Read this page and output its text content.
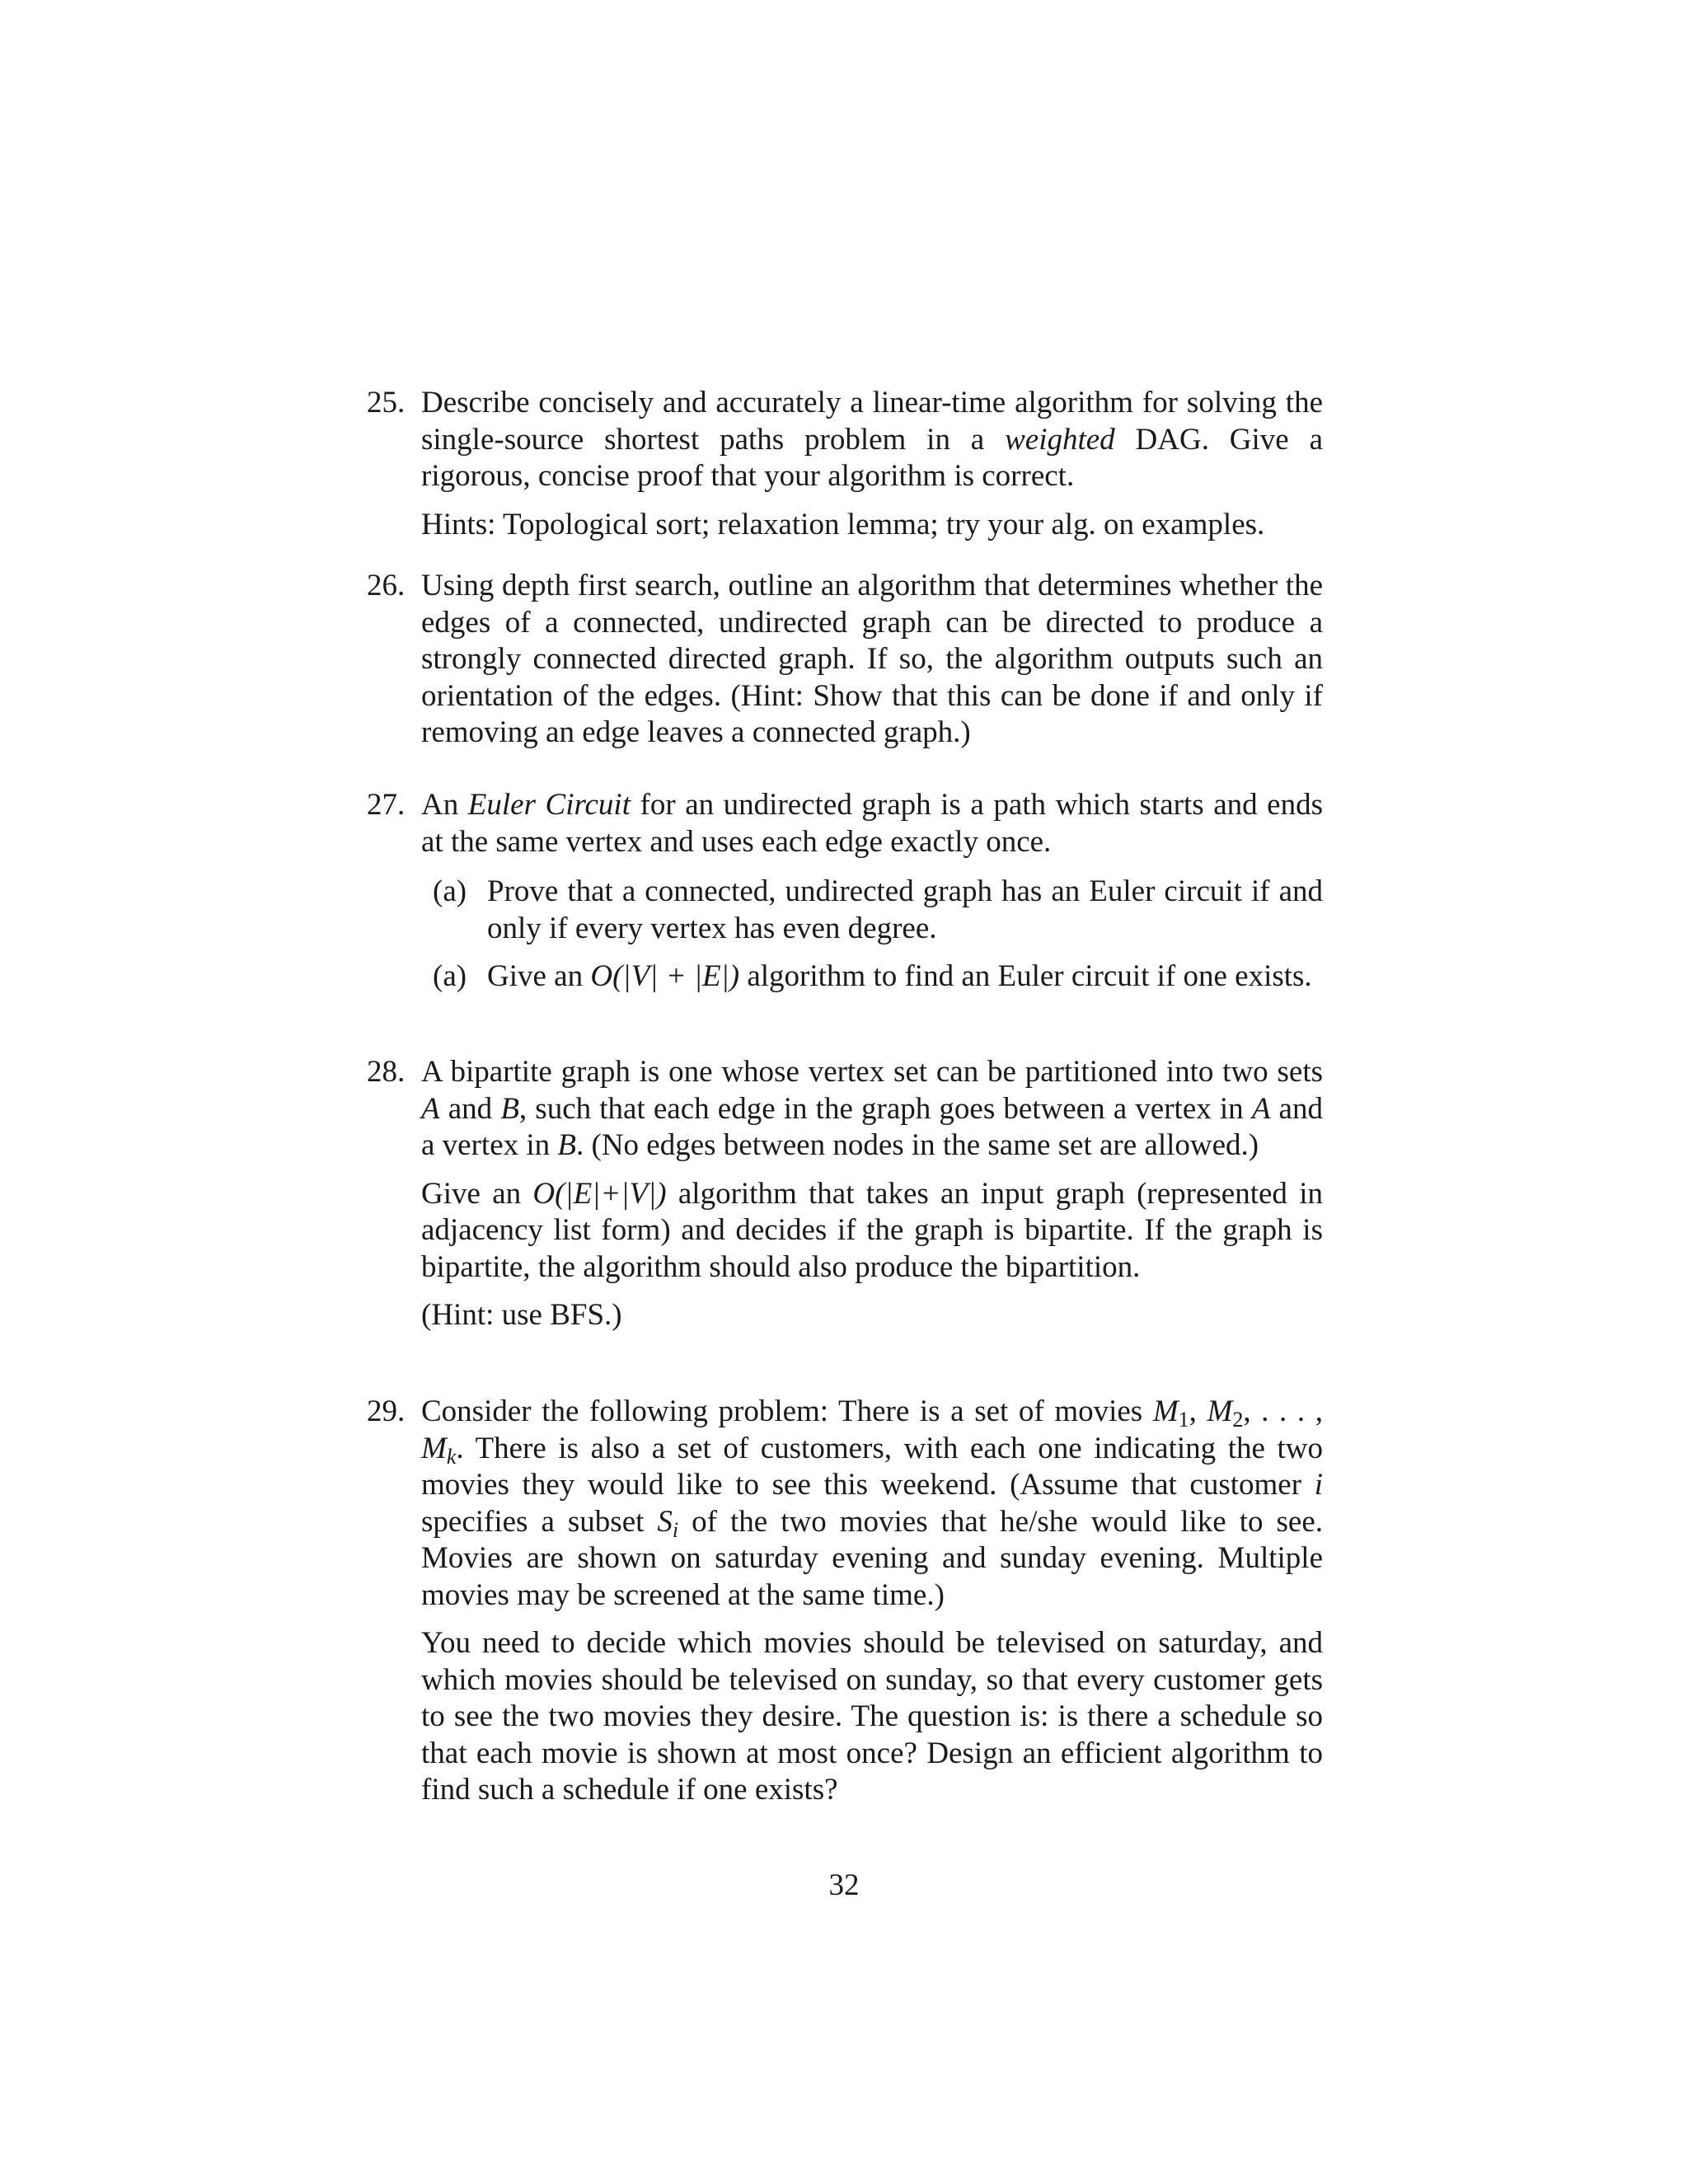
25. Describe concisely and accurately a linear-time algorithm for solving the single-source shortest paths problem in a weighted DAG. Give a rigorous, concise proof that your algorithm is correct.

Hints: Topological sort; relaxation lemma; try your alg. on examples.

26. Using depth first search, outline an algorithm that determines whether the edges of a connected, undirected graph can be directed to produce a strongly connected directed graph. If so, the algorithm outputs such an orientation of the edges. (Hint: Show that this can be done if and only if removing an edge leaves a connected graph.)

27. An Euler Circuit for an undirected graph is a path which starts and ends at the same vertex and uses each edge exactly once.

(a) Prove that a connected, undirected graph has an Euler circuit if and only if every vertex has even degree.
(a) Give an O(|V| + |E|) algorithm to find an Euler circuit if one exists.
28. A bipartite graph is one whose vertex set can be partitioned into two sets A and B, such that each edge in the graph goes between a vertex in A and a vertex in B. (No edges between nodes in the same set are allowed.)

Give an O(|E|+|V|) algorithm that takes an input graph (represented in adjacency list form) and decides if the graph is bipartite. If the graph is bipartite, the algorithm should also produce the bipartition.

(Hint: use BFS.)

29. Consider the following problem: There is a set of movies $M_1$, $M_2$, . . . , $M_k$. There is also a set of customers, with each one indicating the two movies they would like to see this weekend. (Assume that customer i specifies a subset $S_i$ of the two movies that he/she would like to see. Movies are shown on saturday evening and sunday evening. Multiple movies may be screened at the same time.)

You need to decide which movies should be televised on saturday, and which movies should be televised on sunday, so that every customer gets to see the two movies they desire. The question is: is there a schedule so that each movie is shown at most once? Design an efficient algorithm to find such a schedule if one exists?

32
